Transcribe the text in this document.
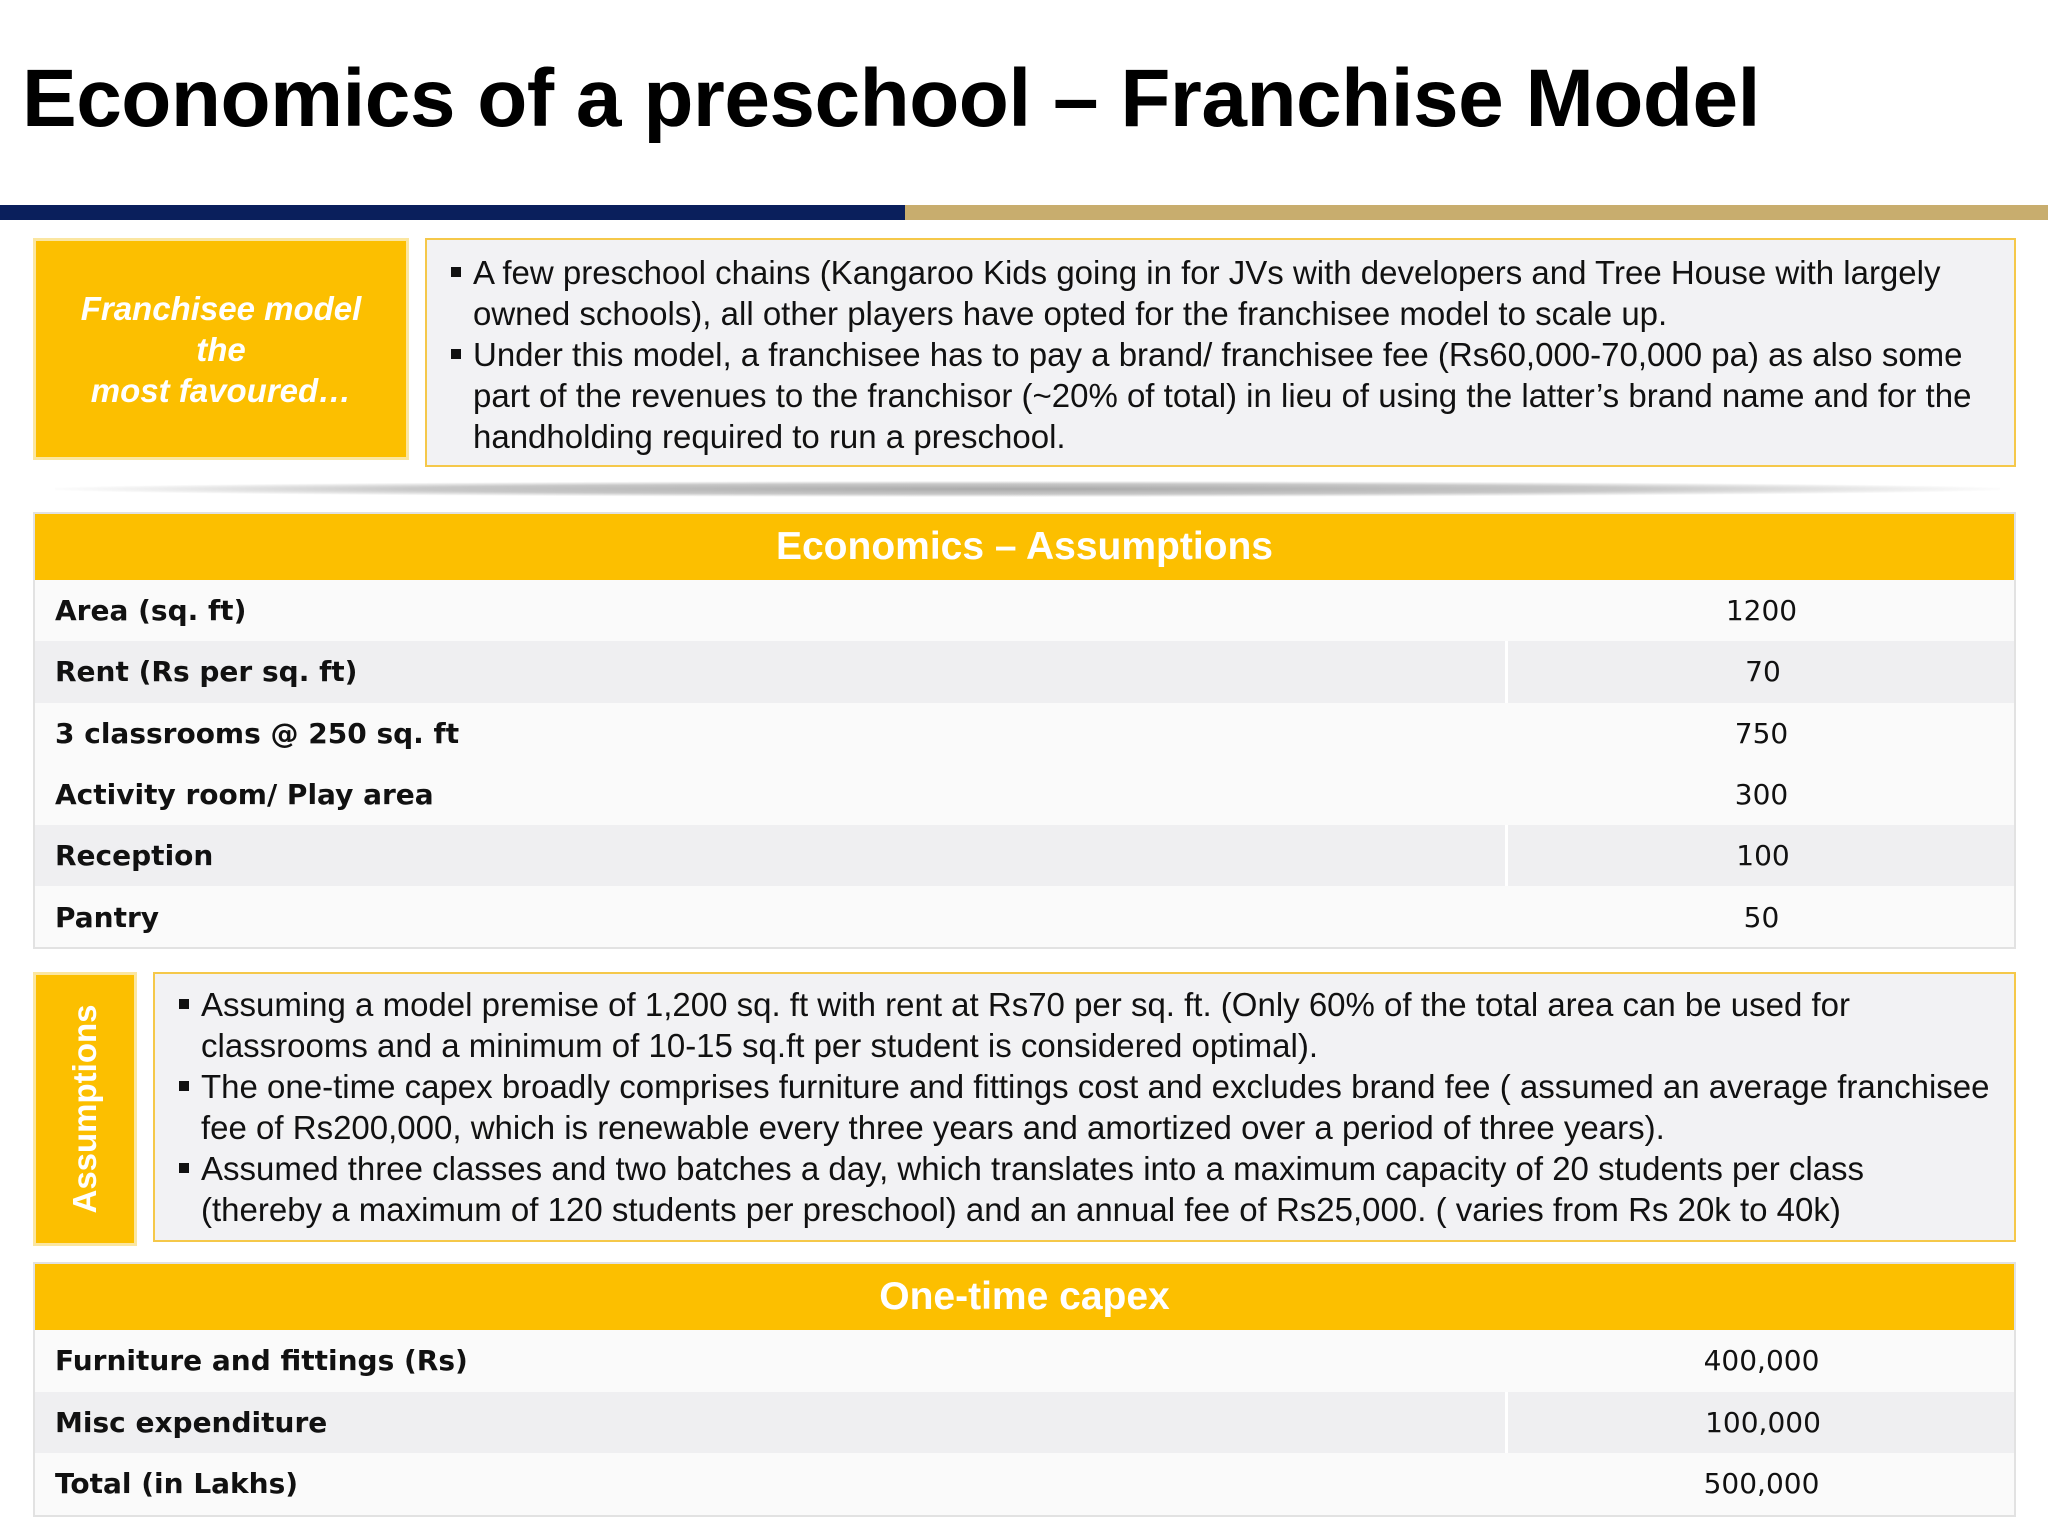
Economics of a preschool – Franchise Model
Franchisee model
the
most favoured…
A few preschool chains (Kangaroo Kids going in for JVs with developers and Tree House with largely owned schools), all other players have opted for the franchisee model to scale up.
Under this model, a franchisee has to pay a brand/ franchisee fee (Rs60,000-70,000 pa) as also some part of the revenues to the franchisor (~20% of total) in lieu of using the latter’s brand name and for the handholding required to run a preschool.
Economics – Assumptions
Area (sq. ft)	1200
Rent (Rs per sq. ft)	70
3 classrooms @ 250 sq. ft	750
Activity room/ Play area	300
Reception	100
Pantry	50
Assumptions	Assuming a model premise of 1,200 sq. ft with rent at Rs70 per sq. ft. (Only 60% of the total area can be used for classrooms and a minimum of 10-15 sq.ft per student is considered optimal).
The one-time capex broadly comprises furniture and fittings cost and excludes brand fee ( assumed an average franchisee fee of Rs200,000, which is renewable every three years and amortized over a period of three years).
Assumed three classes and two batches a day, which translates into a maximum capacity of 20 students per class (thereby a maximum of 120 students per preschool) and an annual fee of Rs25,000. ( varies from Rs 20k to 40k)
One-time capex
Furniture and fittings (Rs)	400,000
Misc expenditure	100,000
Total (in Lakhs)	500,000
